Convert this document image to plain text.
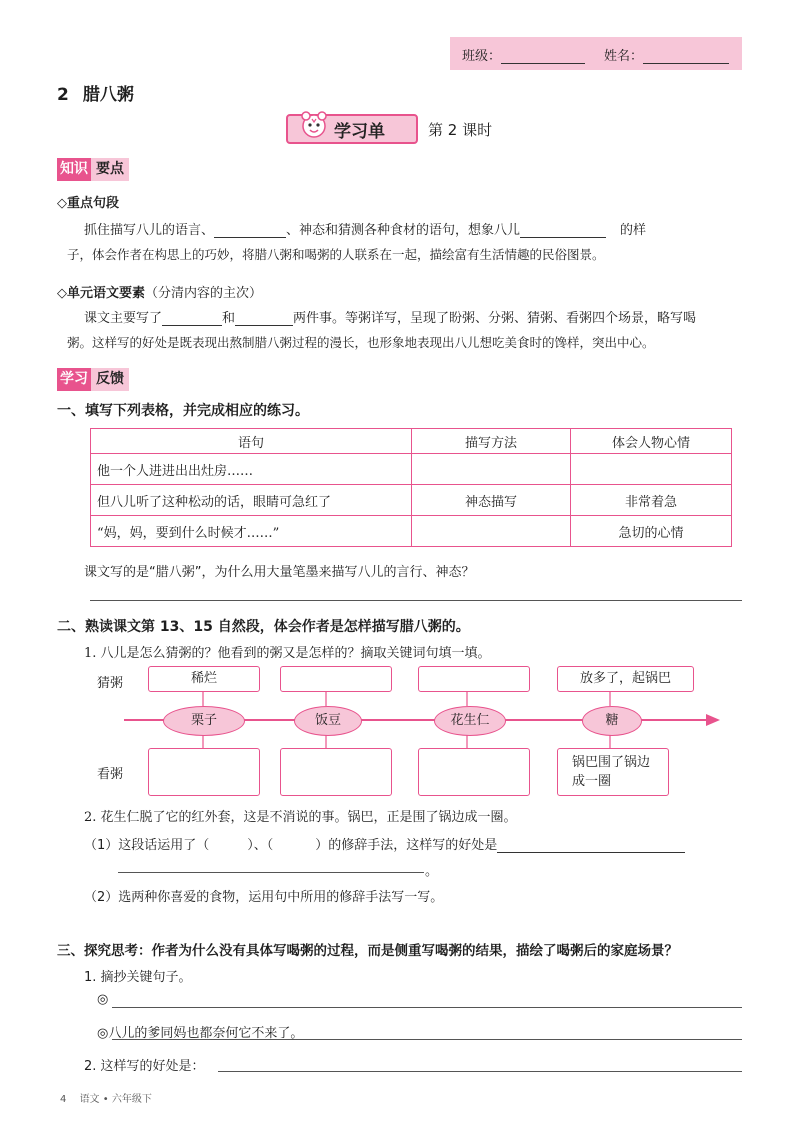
班级：	姓名：
2 腊八粥
学习单	第 2 课时
知识 要点
◇重点句段
抓住描写八儿的语言、	、神态和猜测各种食材的语句，想象八儿	的样
子，体会作者在构思上的巧妙，将腊八粥和喝粥的人联系在一起，描绘富有生活情趣的民俗图景。
◇单元语文要素（分清内容的主次）
课文主要写了	和	两件事。等粥详写，呈现了盼粥、分粥、猜粥、看粥四个场景，略写喝
粥。这样写的好处是既表现出熬制腊八粥过程的漫长，也形象地表现出八儿想吃美食时的馋样，突出中心。
学习 反馈
一、填写下列表格，并完成相应的练习。
语句	描写方法	体会人物心情
他一个人进进出出灶房……		
但八儿听了这种松动的话，眼睛可急红了	神态描写	非常着急
“妈，妈，要到什么时候才……”		急切的心情
课文写的是“腊八粥”，为什么用大量笔墨来描写八儿的言行、神态？
二、熟读课文第 13、15 自然段，体会作者是怎样描写腊八粥的。
1. 八儿是怎么猜粥的？他看到的粥又是怎样的？摘取关键词句填一填。
猜粥
看粥
稀烂	放多了，起锅巴
栗子	饭豆	花生仁	糖
锅巴围了锅边成一圈
2. 花生仁脱了它的红外套，这是不消说的事。锅巴，正是围了锅边成一圈。
（1）这段话运用了（	）、（	）的修辞手法，这样写的好处是
。
（2）选两种你喜爱的食物，运用句中所用的修辞手法写一写。
三、探究思考：作者为什么没有具体写喝粥的过程，而是侧重写喝粥的结果，描绘了喝粥后的家庭场景？
1. 摘抄关键句子。
◎
◎八儿的爹同妈也都奈何它不来了。
2. 这样写的好处是：
4 语文 • 六年级下
